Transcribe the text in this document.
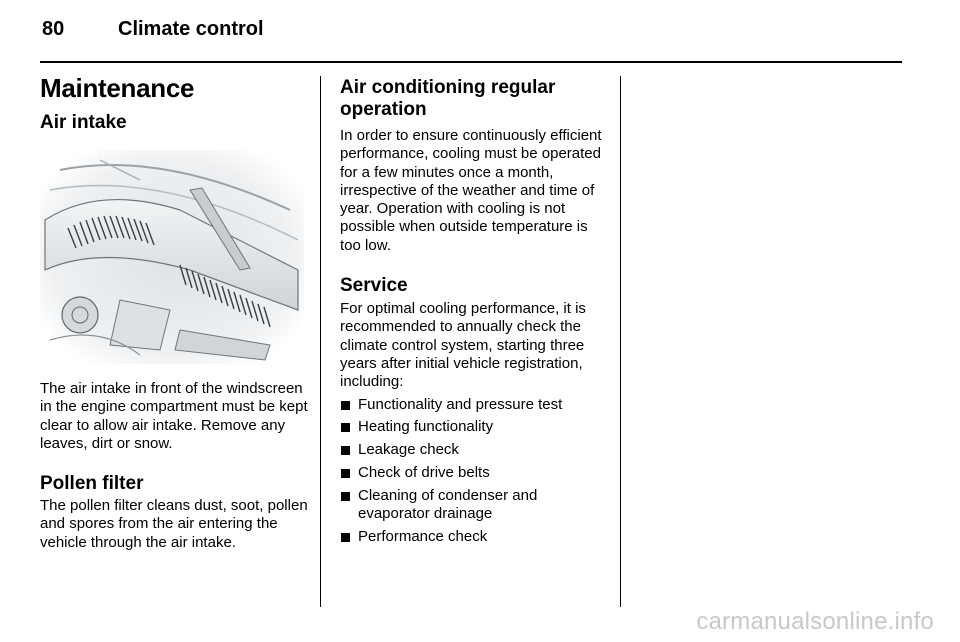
80	Climate control
Maintenance
Air intake

The air intake in front of the windscreen in the engine compartment must be kept clear to allow air intake. Remove any leaves, dirt or snow.

Pollen filter

The pollen filter cleans dust, soot, pollen and spores from the air entering the vehicle through the air intake.

Air conditioning regular operation

In order to ensure continuously efficient performance, cooling must be operated for a few minutes once a month, irrespective of the weather and time of year. Operation with cooling is not possible when outside temperature is too low.

Service

For optimal cooling performance, it is recommended to annually check the climate control system, starting three years after initial vehicle registration, including:

Functionality and pressure test
Heating functionality
Leakage check
Check of drive belts
Cleaning of condenser and evaporator drainage
Performance check
carmanualsonline.info
